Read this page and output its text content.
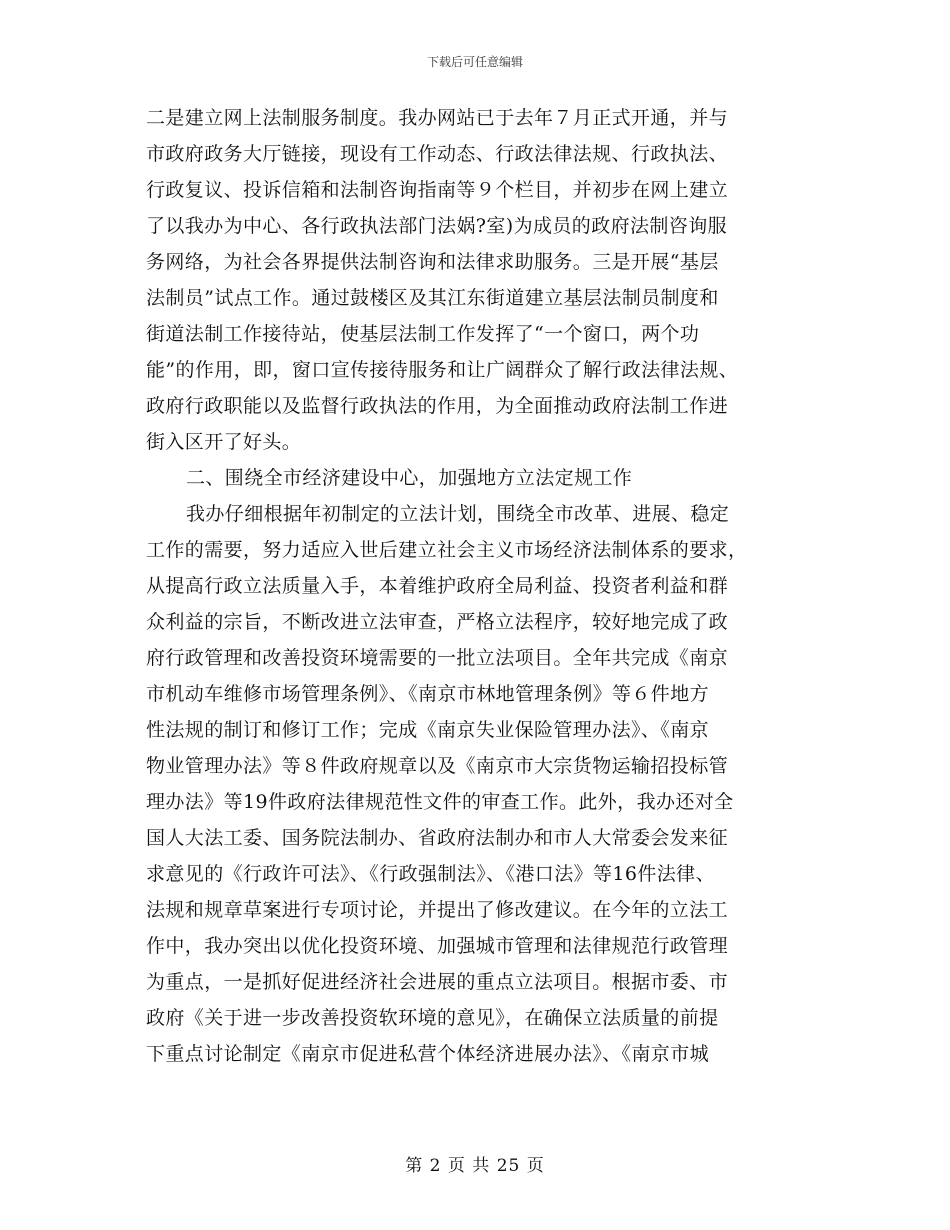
下载后可任意编辑
二是建立网上法制服务制度。我办网站已于去年７月正式开通，并与
市政府政务大厅链接，现设有工作动态、行政法律法规、行政执法、
行政复议、投诉信箱和法制咨询指南等９个栏目，并初步在网上建立
了以我办为中心、各行政执法部门法娲?室)为成员的政府法制咨询服
务网络，为社会各界提供法制咨询和法律求助服务。三是开展“基层
法制员”试点工作。通过鼓楼区及其江东街道建立基层法制员制度和
街道法制工作接待站，使基层法制工作发挥了“一个窗口，两个功
能”的作用，即，窗口宣传接待服务和让广阔群众了解行政法律法规、
政府行政职能以及监督行政执法的作用，为全面推动政府法制工作进
街入区开了好头。
二、围绕全市经济建设中心，加强地方立法定规工作
我办仔细根据年初制定的立法计划，围绕全市改革、进展、稳定
工作的需要，努力适应入世后建立社会主义市场经济法制体系的要求，
从提高行政立法质量入手，本着维护政府全局利益、投资者利益和群
众利益的宗旨，不断改进立法审查，严格立法程序，较好地完成了政
府行政管理和改善投资环境需要的一批立法项目。全年共完成《南京
市机动车维修市场管理条例》、《南京市林地管理条例》等６件地方
性法规的制订和修订工作；完成《南京失业保险管理办法》、《南京
物业管理办法》等８件政府规章以及《南京市大宗货物运输招投标管
理办法》等19件政府法律规范性文件的审查工作。此外，我办还对全
国人大法工委、国务院法制办、省政府法制办和市人大常委会发来征
求意见的《行政许可法》、《行政强制法》、《港口法》等16件法律、
法规和规章草案进行专项讨论，并提出了修改建议。在今年的立法工
作中，我办突出以优化投资环境、加强城市管理和法律规范行政管理
为重点，一是抓好促进经济社会进展的重点立法项目。根据市委、市
政府《关于进一步改善投资软环境的意见》，在确保立法质量的前提
下重点讨论制定《南京市促进私营个体经济进展办法》、《南京市城
第 2 页 共 25 页
